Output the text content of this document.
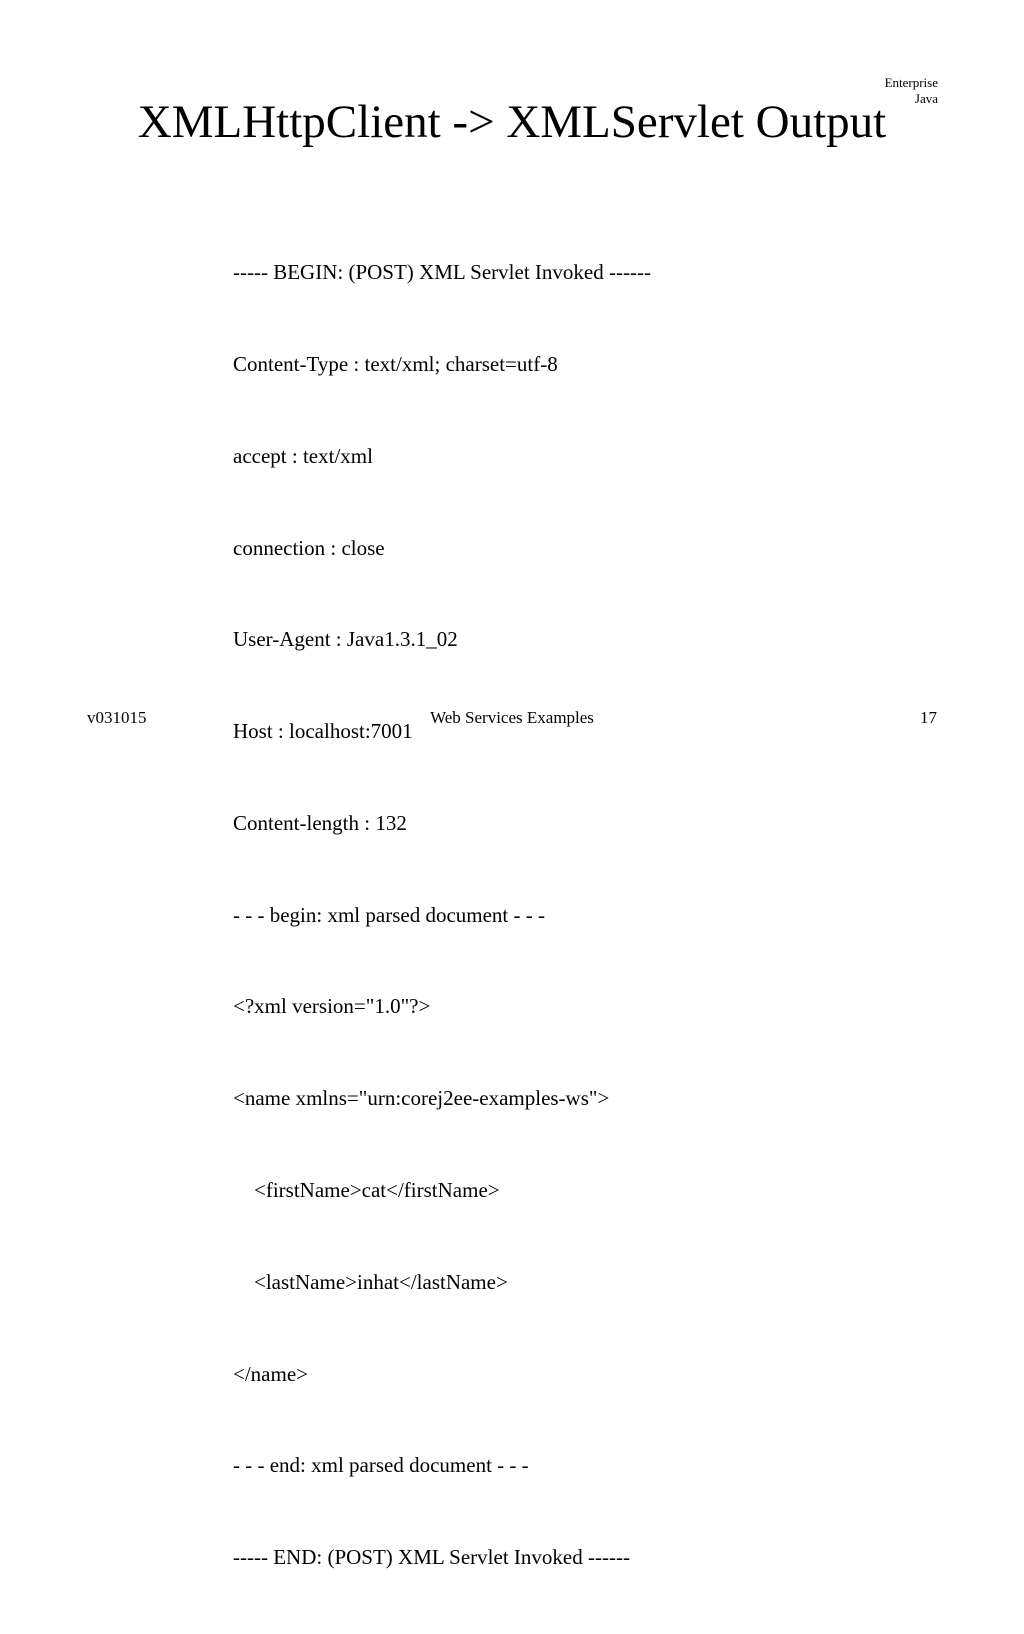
Enterprise
Java
XMLHttpClient -> XMLServlet Output

----- BEGIN: (POST) XML Servlet Invoked ------

Content-Type : text/xml; charset=utf-8

accept : text/xml

connection : close

User-Agent : Java1.3.1_02

Host : localhost:7001

Content-length : 132

- - - begin: xml parsed document - - -

<?xml version="1.0"?>

<name xmlns="urn:corej2ee-examples-ws">

<firstName>cat</firstName>

<lastName>inhat</lastName>

</name>

- - - end: xml parsed document - - -

----- END: (POST) XML Servlet Invoked ------

v031015	Web Services Examples	17
